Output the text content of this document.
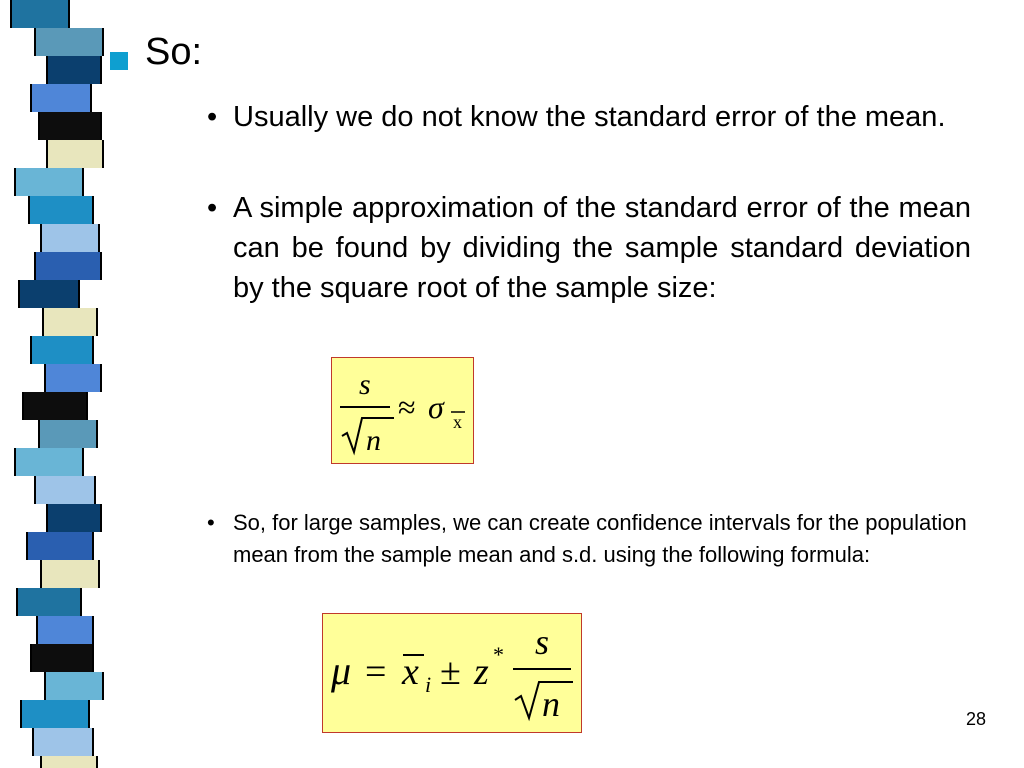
So:

• Usually we do not know the standard error of the mean.
• A simple approximation of the standard error of the mean can be found by dividing the sample standard deviation by the square root of the sample size:
s
n
≈ σ x
• So, for large samples, we can create confidence intervals for the population mean from the sample mean and s.d. using the following formula:
μ = x i ± z * s
n	28
